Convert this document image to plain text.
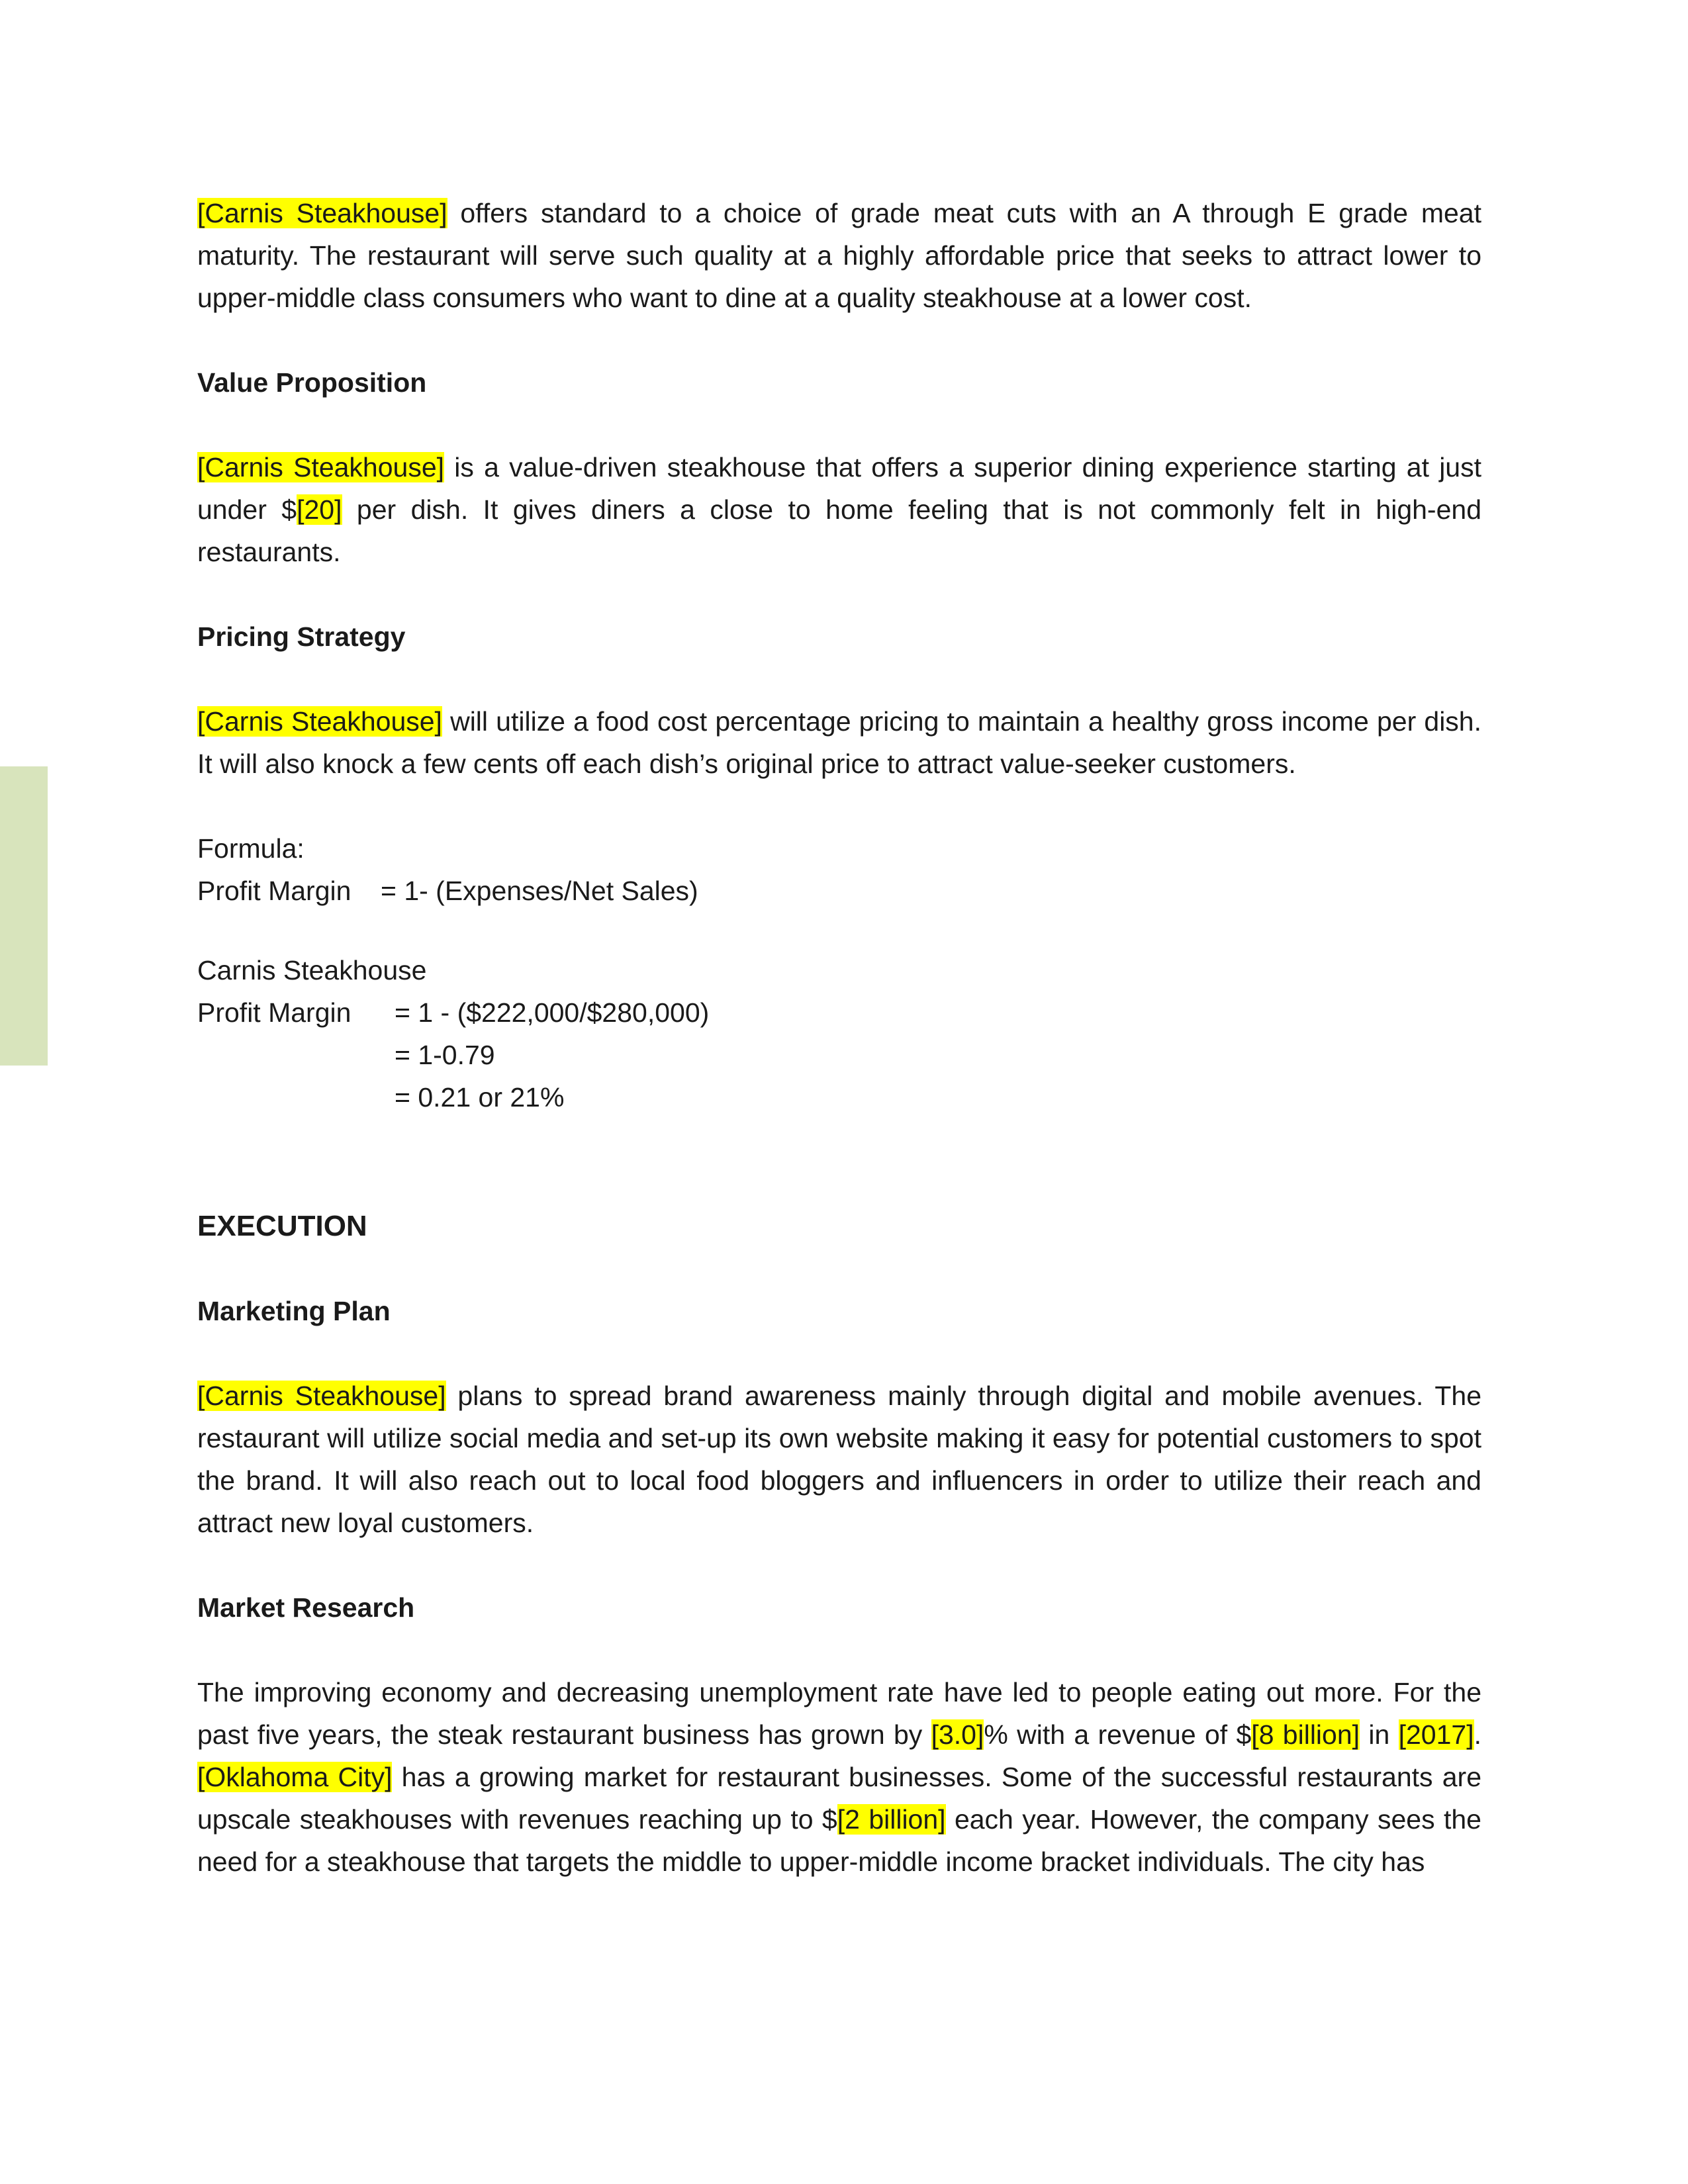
[Carnis Steakhouse] offers standard to a choice of grade meat cuts with an A through E grade meat maturity. The restaurant will serve such quality at a highly affordable price that seeks to attract lower to upper-middle class consumers who want to dine at a quality steakhouse at a lower cost.

Value Proposition

[Carnis Steakhouse] is a value-driven steakhouse that offers a superior dining experience starting at just under $[20] per dish. It gives diners a close to home feeling that is not commonly felt in high-end restaurants.

Pricing Strategy

[Carnis Steakhouse] will utilize a food cost percentage pricing to maintain a healthy gross income per dish. It will also knock a few cents off each dish’s original price to attract value-seeker customers.

Formula:
Profit Margin	= 1- (Expenses/Net Sales)
Carnis Steakhouse
Profit Margin	= 1 - ($222,000/$280,000)
= 1-0.79
= 0.21 or 21%
EXECUTION
Marketing Plan

[Carnis Steakhouse] plans to spread brand awareness mainly through digital and mobile avenues. The restaurant will utilize social media and set-up its own website making it easy for potential customers to spot the brand. It will also reach out to local food bloggers and influencers in order to utilize their reach and attract new loyal customers.

Market Research

The improving economy and decreasing unemployment rate have led to people eating out more. For the past five years, the steak restaurant business has grown by [3.0]% with a revenue of $[8 billion] in [2017]. [Oklahoma City] has a growing market for restaurant businesses. Some of the successful restaurants are upscale steakhouses with revenues reaching up to $[2 billion] each year. However, the company sees the need for a steakhouse that targets the middle to upper-middle income bracket individuals. The city has
